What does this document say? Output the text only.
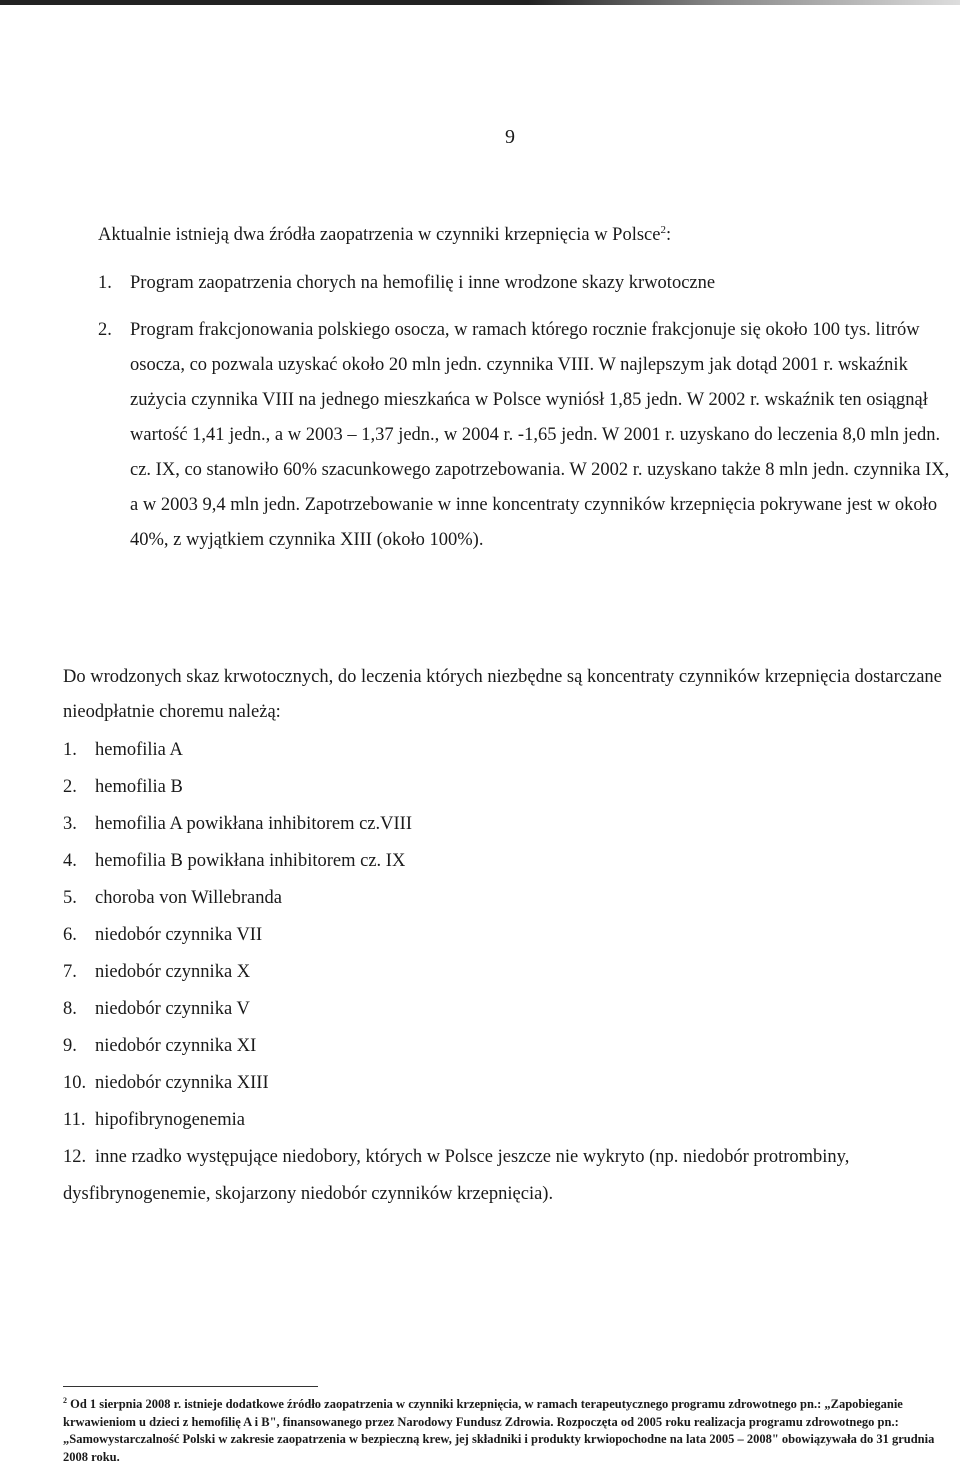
9

Aktualnie istnieją dwa źródła zaopatrzenia w czynniki krzepnięcia w Polsce$^2$:

1. Program zaopatrzenia chorych na hemofilię i inne wrodzone skazy krwotoczne
2. Program frakcjonowania polskiego osocza, w ramach którego rocznie frakcjonuje się około 100 tys. litrów osocza, co pozwala uzyskać około 20 mln jedn. czynnika VIII. W najlepszym jak dotąd 2001 r. wskaźnik zużycia czynnika VIII na jednego mieszkańca w Polsce wyniósł 1,85 jedn. W 2002 r. wskaźnik ten osiągnął wartość 1,41 jedn., a w 2003 – 1,37 jedn., w 2004 r. -1,65 jedn. W 2001 r. uzyskano do leczenia 8,0 mln jedn. cz. IX, co stanowiło 60% szacunkowego zapotrzebowania. W 2002 r. uzyskano także 8 mln jedn. czynnika IX, a w 2003 9,4 mln jedn. Zapotrzebowanie w inne koncentraty czynników krzepnięcia pokrywane jest w około 40%, z wyjątkiem czynnika XIII (około 100%).

Do wrodzonych skaz krwotocznych, do leczenia których niezbędne są koncentraty czynników krzepnięcia dostarczane nieodpłatnie choremu należą:

1. hemofilia A
2. hemofilia B
3. hemofilia A powikłana inhibitorem cz.VIII
4. hemofilia B powikłana inhibitorem cz. IX
5. choroba von Willebranda
6. niedobór czynnika VII
7. niedobór czynnika X
8. niedobór czynnika V
9. niedobór czynnika XI
10. niedobór czynnika XIII
11. hipofibrynogenemia
12. inne rzadko występujące niedobory, których w Polsce jeszcze nie wykryto (np. niedobór protrombiny, dysfibrynogenemie, skojarzony niedobór czynników krzepnięcia).
$^2$ Od 1 sierpnia 2008 r. istnieje dodatkowe źródło zaopatrzenia w czynniki krzepnięcia, w ramach terapeutycznego programu zdrowotnego pn.: „Zapobieganie krwawieniom u dzieci z hemofilię A i B", finansowanego przez Narodowy Fundusz Zdrowia. Rozpoczęta od 2005 roku realizacja programu zdrowotnego pn.: „Samowystarczalność Polski w zakresie zaopatrzenia w bezpieczną krew, jej składniki i produkty krwiopochodne na lata 2005 – 2008" obowiązywała do 31 grudnia 2008 roku.
